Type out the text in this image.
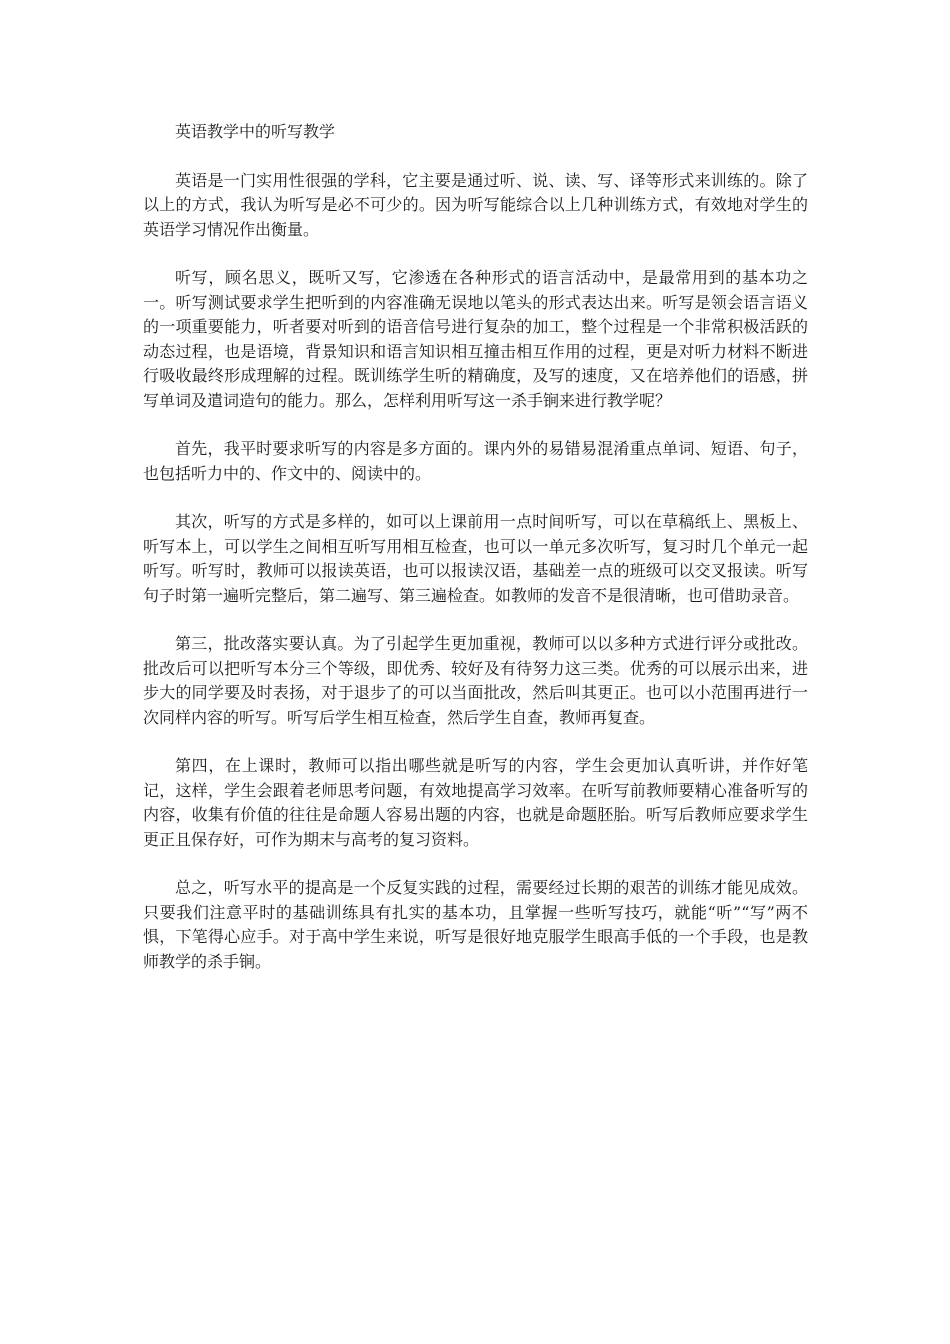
英语教学中的听写教学

英语是一门实用性很强的学科，它主要是通过听、说、读、写、译等形式来训练的。除了以上的方式，我认为听写是必不可少的。因为听写能综合以上几种训练方式，有效地对学生的英语学习情况作出衡量。

听写，顾名思义，既听又写，它渗透在各种形式的语言活动中，是最常用到的基本功之一。听写测试要求学生把听到的内容准确无误地以笔头的形式表达出来。听写是领会语言语义的一项重要能力，听者要对听到的语音信号进行复杂的加工，整个过程是一个非常积极活跃的动态过程，也是语境，背景知识和语言知识相互撞击相互作用的过程，更是对听力材料不断进行吸收最终形成理解的过程。既训练学生听的精确度，及写的速度，又在培养他们的语感，拼写单词及遣词造句的能力。那么，怎样利用听写这一杀手锏来进行教学呢？

首先，我平时要求听写的内容是多方面的。课内外的易错易混淆重点单词、短语、句子，也包括听力中的、作文中的、阅读中的。

其次，听写的方式是多样的，如可以上课前用一点时间听写，可以在草稿纸上、黑板上、听写本上，可以学生之间相互听写用相互检查，也可以一单元多次听写，复习时几个单元一起听写。听写时，教师可以报读英语，也可以报读汉语，基础差一点的班级可以交叉报读。听写句子时第一遍听完整后，第二遍写、第三遍检查。如教师的发音不是很清晰，也可借助录音。

第三，批改落实要认真。为了引起学生更加重视，教师可以以多种方式进行评分或批改。批改后可以把听写本分三个等级，即优秀、较好及有待努力这三类。优秀的可以展示出来，进步大的同学要及时表扬，对于退步了的可以当面批改，然后叫其更正。也可以小范围再进行一次同样内容的听写。听写后学生相互检查，然后学生自查，教师再复查。

第四，在上课时，教师可以指出哪些就是听写的内容，学生会更加认真听讲，并作好笔记，这样，学生会跟着老师思考问题，有效地提高学习效率。在听写前教师要精心准备听写的内容，收集有价值的往往是命题人容易出题的内容，也就是命题胚胎。听写后教师应要求学生更正且保存好，可作为期末与高考的复习资料。

总之，听写水平的提高是一个反复实践的过程，需要经过长期的艰苦的训练才能见成效。只要我们注意平时的基础训练具有扎实的基本功，且掌握一些听写技巧，就能“听”“写”两不惧，下笔得心应手。对于高中学生来说，听写是很好地克服学生眼高手低的一个手段，也是教师教学的杀手锏。
